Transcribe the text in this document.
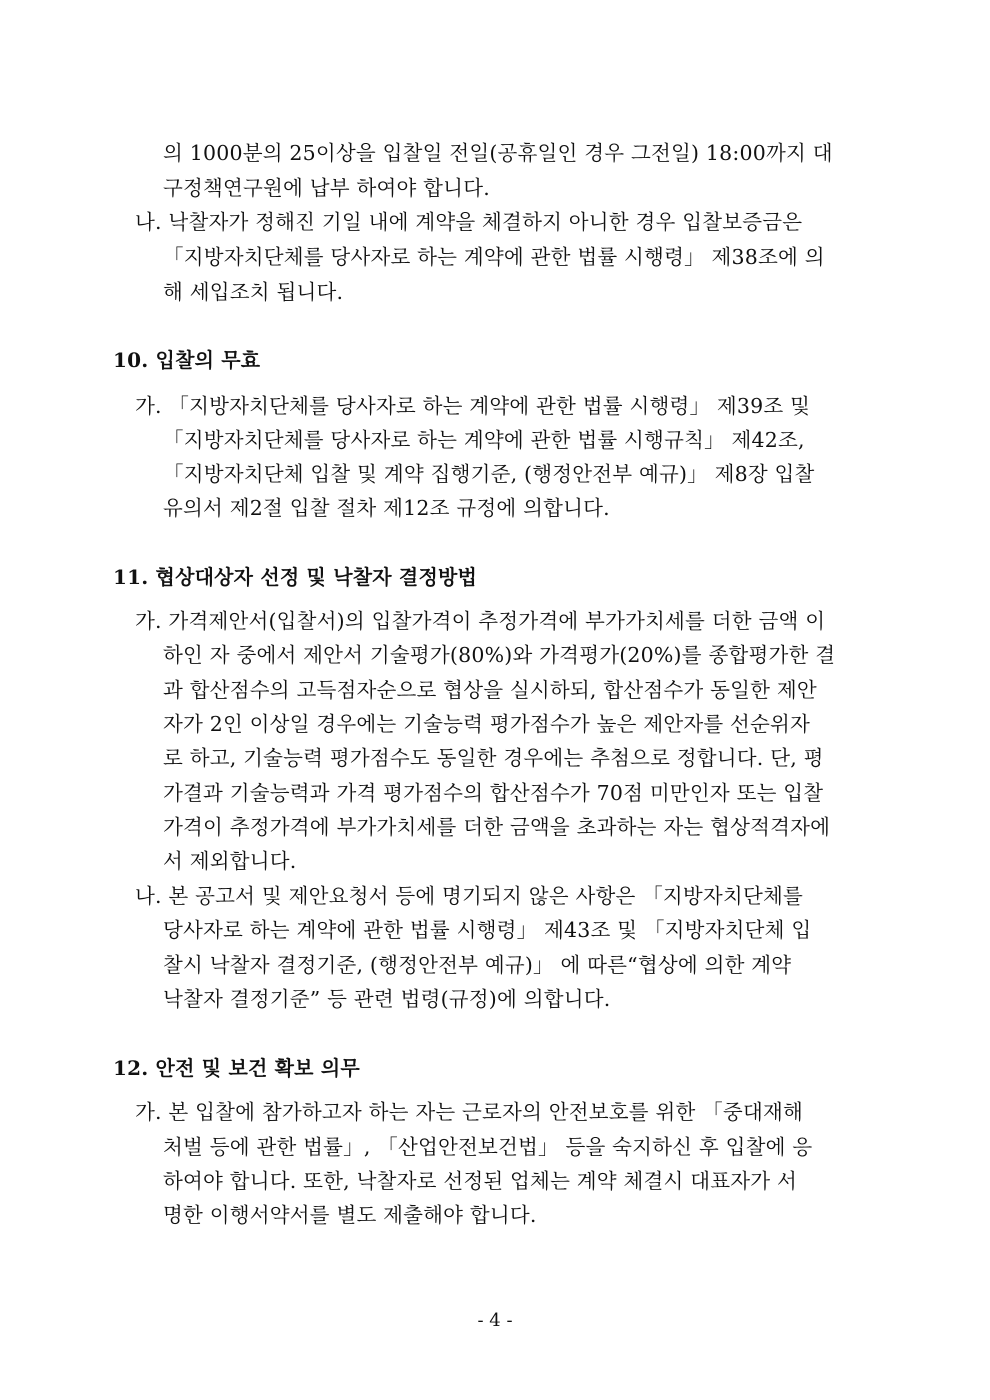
의 1000분의 25이상을 입찰일 전일(공휴일인 경우 그전일) 18:00까지 대
구정책연구원에 납부 하여야 합니다.
나. 낙찰자가 정해진 기일 내에 계약을 체결하지 아니한 경우 입찰보증금은
「지방자치단체를 당사자로 하는 계약에 관한 법률 시행령」 제38조에 의
해 세입조치 됩니다.
10. 입찰의 무효
가. 「지방자치단체를 당사자로 하는 계약에 관한 법률 시행령」 제39조 및
「지방자치단체를 당사자로 하는 계약에 관한 법률 시행규칙」 제42조,
「지방자치단체 입찰 및 계약 집행기준, (행정안전부 예규)」 제8장 입찰
유의서 제2절 입찰 절차 제12조 규정에 의합니다.
11. 협상대상자 선정 및 낙찰자 결정방법
가. 가격제안서(입찰서)의 입찰가격이 추정가격에 부가가치세를 더한 금액 이
하인 자 중에서 제안서 기술평가(80%)와 가격평가(20%)를 종합평가한 결
과 합산점수의 고득점자순으로 협상을 실시하되, 합산점수가 동일한 제안
자가 2인 이상일 경우에는 기술능력 평가점수가 높은 제안자를 선순위자
로 하고, 기술능력 평가점수도 동일한 경우에는 추첨으로 정합니다. 단, 평
가결과 기술능력과 가격 평가점수의 합산점수가 70점 미만인자 또는 입찰
가격이 추정가격에 부가가치세를 더한 금액을 초과하는 자는 협상적격자에
서 제외합니다.
나. 본 공고서 및 제안요청서 등에 명기되지 않은 사항은 「지방자치단체를
당사자로 하는 계약에 관한 법률 시행령」 제43조 및 「지방자치단체 입
찰시 낙찰자 결정기준, (행정안전부 예규)」 에 따른“협상에 의한 계약
낙찰자 결정기준” 등 관련 법령(규정)에 의합니다.
12. 안전 및 보건 확보 의무
가. 본 입찰에 참가하고자 하는 자는 근로자의 안전보호를 위한 「중대재해
처벌 등에 관한 법률」, 「산업안전보건법」 등을 숙지하신 후 입찰에 응
하여야 합니다. 또한, 낙찰자로 선정된 업체는 계약 체결시 대표자가 서
명한 이행서약서를 별도 제출해야 합니다.
- 4 -
